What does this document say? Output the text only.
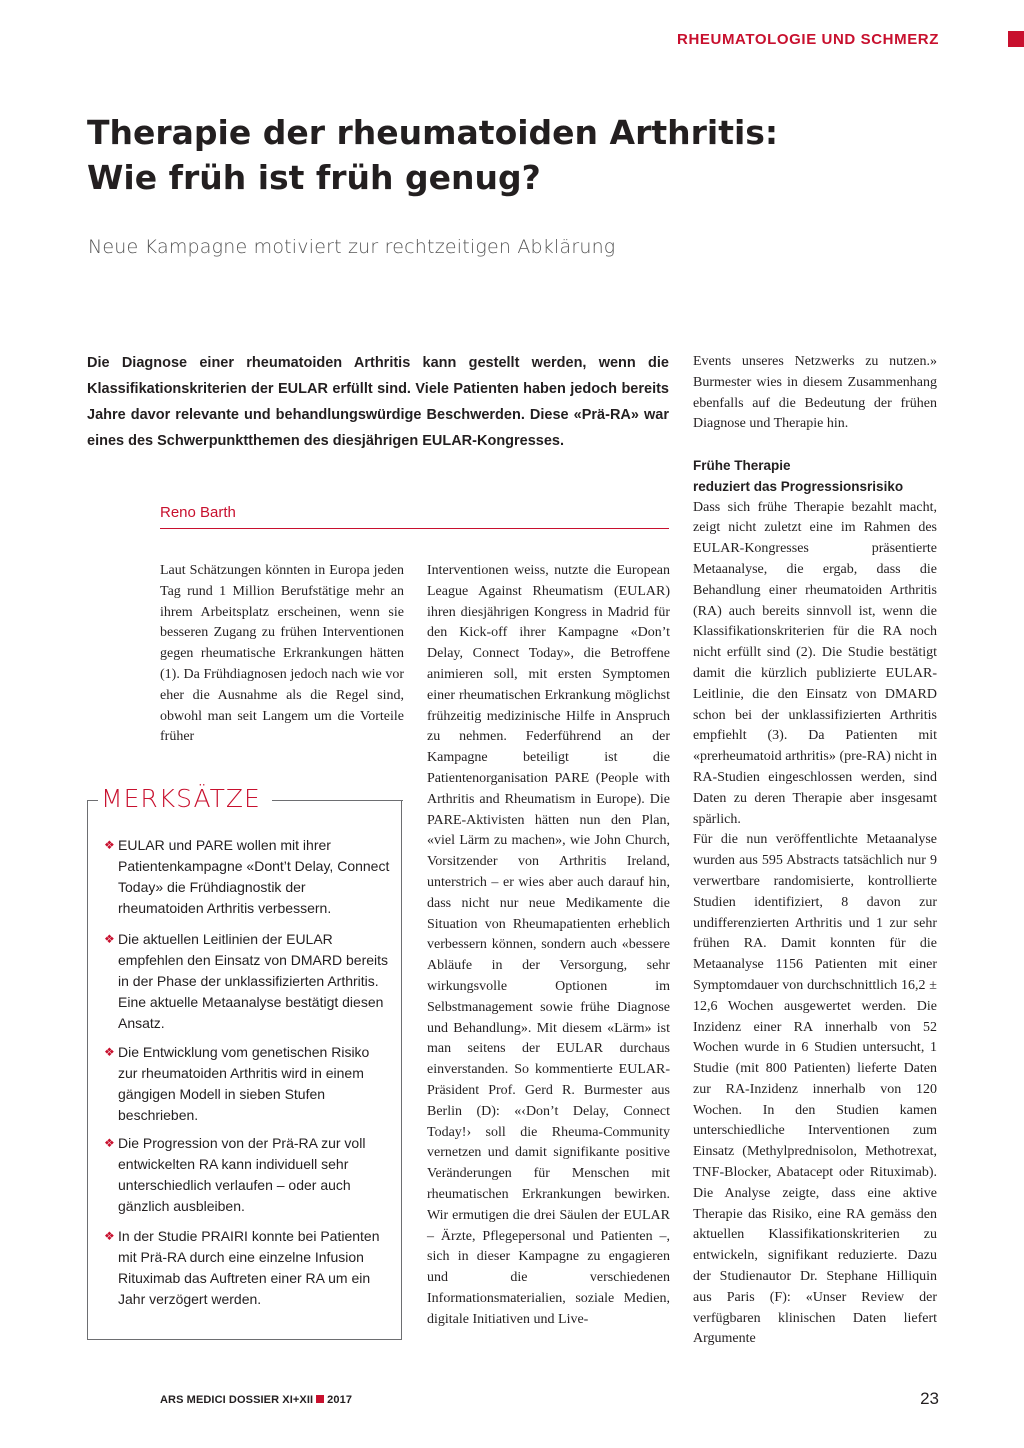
RHEUMATOLOGIE UND SCHMERZ
Therapie der rheumatoiden Arthritis:
Wie früh ist früh genug?

Neue Kampagne motiviert zur rechtzeitigen Abklärung

Die Diagnose einer rheumatoiden Arthritis kann gestellt werden, wenn die Klassifikationskriterien der EULAR erfüllt sind. Viele Patienten haben jedoch bereits Jahre davor relevante und behandlungswürdige Beschwerden. Diese «Prä-RA» war eines des Schwerpunktthemen des diesjährigen EULAR-Kongresses.

Reno Barth

Laut Schätzungen könnten in Europa jeden Tag rund 1 Million Berufstätige mehr an ihrem Arbeitsplatz erscheinen, wenn sie besseren Zugang zu frühen Interventionen gegen rheumatische Erkrankungen hätten (1). Da Frühdiagnosen jedoch nach wie vor eher die Ausnahme als die Regel sind, obwohl man seit Langem um die Vorteile früher

Interventionen weiss, nutzte die European League Against Rheumatism (EULAR) ihren diesjährigen Kongress in Madrid für den Kick-off ihrer Kampagne «Don’t Delay, Connect Today», die Betroffene animieren soll, mit ersten Symptomen einer rheumatischen Erkrankung möglichst frühzeitig medizinische Hilfe in Anspruch zu nehmen. Federführend an der Kampagne beteiligt ist die Patientenorganisation PARE (People with Arthritis and Rheumatism in Europe). Die PARE-Aktivisten hätten nun den Plan, «viel Lärm zu machen», wie John Church, Vorsitzender von Arthritis Ireland, unterstrich – er wies aber auch darauf hin, dass nicht nur neue Medikamente die Situation von Rheumapatienten erheblich verbessern können, sondern auch «bessere Abläufe in der Versorgung, sehr wirkungsvolle Optionen im Selbstmanagement sowie frühe Diagnose und Behandlung». Mit diesem «Lärm» ist man seitens der EULAR durchaus einverstanden. So kommentierte EULAR-Präsident Prof. Gerd R. Burmester aus Berlin (D): «‹Don’t Delay, Connect Today!› soll die Rheuma-Community vernetzen und damit signifikante positive Veränderungen für Menschen mit rheumatischen Erkrankungen bewirken. Wir ermutigen die drei Säulen der EULAR – Ärzte, Pflegepersonal und Patienten –, sich in dieser Kampagne zu engagieren und die verschiedenen Informationsmaterialien, soziale Medien, digitale Initiativen und Live-

Events unseres Netzwerks zu nutzen.» Burmester wies in diesem Zusammenhang ebenfalls auf die Bedeutung der frühen Diagnose und Therapie hin.

Frühe Therapie
reduziert das Progressionsrisiko

Dass sich frühe Therapie bezahlt macht, zeigt nicht zuletzt eine im Rahmen des EULAR-Kongresses präsentierte Metaanalyse, die ergab, dass die Behandlung einer rheumatoiden Arthritis (RA) auch bereits sinnvoll ist, wenn die Klassifikationskriterien für die RA noch nicht erfüllt sind (2). Die Studie bestätigt damit die kürzlich publizierte EULAR-Leitlinie, die den Einsatz von DMARD schon bei der unklassifizierten Arthritis empfiehlt (3). Da Patienten mit «prerheumatoid arthritis» (pre-RA) nicht in RA-Studien eingeschlossen werden, sind Daten zu deren Therapie aber insgesamt spärlich.

Für die nun veröffentlichte Metaanalyse wurden aus 595 Abstracts tatsächlich nur 9 verwertbare randomisierte, kontrollierte Studien identifiziert, 8 davon zur undifferenzierten Arthritis und 1 zur sehr frühen RA. Damit konnten für die Metaanalyse 1156 Patienten mit einer Symptomdauer von durchschnittlich 16,2 ± 12,6 Wochen ausgewertet werden. Die Inzidenz einer RA innerhalb von 52 Wochen wurde in 6 Studien untersucht, 1 Studie (mit 800 Patienten) lieferte Daten zur RA-Inzidenz innerhalb von 120 Wochen. In den Studien kamen unterschiedliche Interventionen zum Einsatz (Methylprednisolon, Methotrexat, TNF-Blocker, Abatacept oder Rituximab). Die Analyse zeigte, dass eine aktive Therapie das Risiko, eine RA gemäss den aktuellen Klassifikationskriterien zu entwickeln, signifikant reduzierte. Dazu der Studienautor Dr. Stephane Hilliquin aus Paris (F): «Unser Review der verfügbaren klinischen Daten liefert Argumente

❖ EULAR und PARE wollen mit ihrer Patientenkampagne «Dont’t Delay, Connect Today» die Frühdiagnostik der rheumatoiden Arthritis verbessern.
❖ Die aktuellen Leitlinien der EULAR empfehlen den Einsatz von DMARD bereits in der Phase der unklassifizierten Arthritis. Eine aktuelle Metaanalyse bestätigt diesen Ansatz.
❖ Die Entwicklung vom genetischen Risiko zur rheumatoiden Arthritis wird in einem gängigen Modell in sieben Stufen beschrieben.
❖ Die Progression von der Prä-RA zur voll entwickelten RA kann individuell sehr unterschiedlich verlaufen – oder auch gänzlich ausbleiben.
❖ In der Studie PRAIRI konnte bei Patienten mit Prä-RA durch eine einzelne Infusion Rituximab das Auftreten einer RA um ein Jahr verzögert werden.
MERKSÄTZE
ARS MEDICI DOSSIER XI+XII 2017	23
